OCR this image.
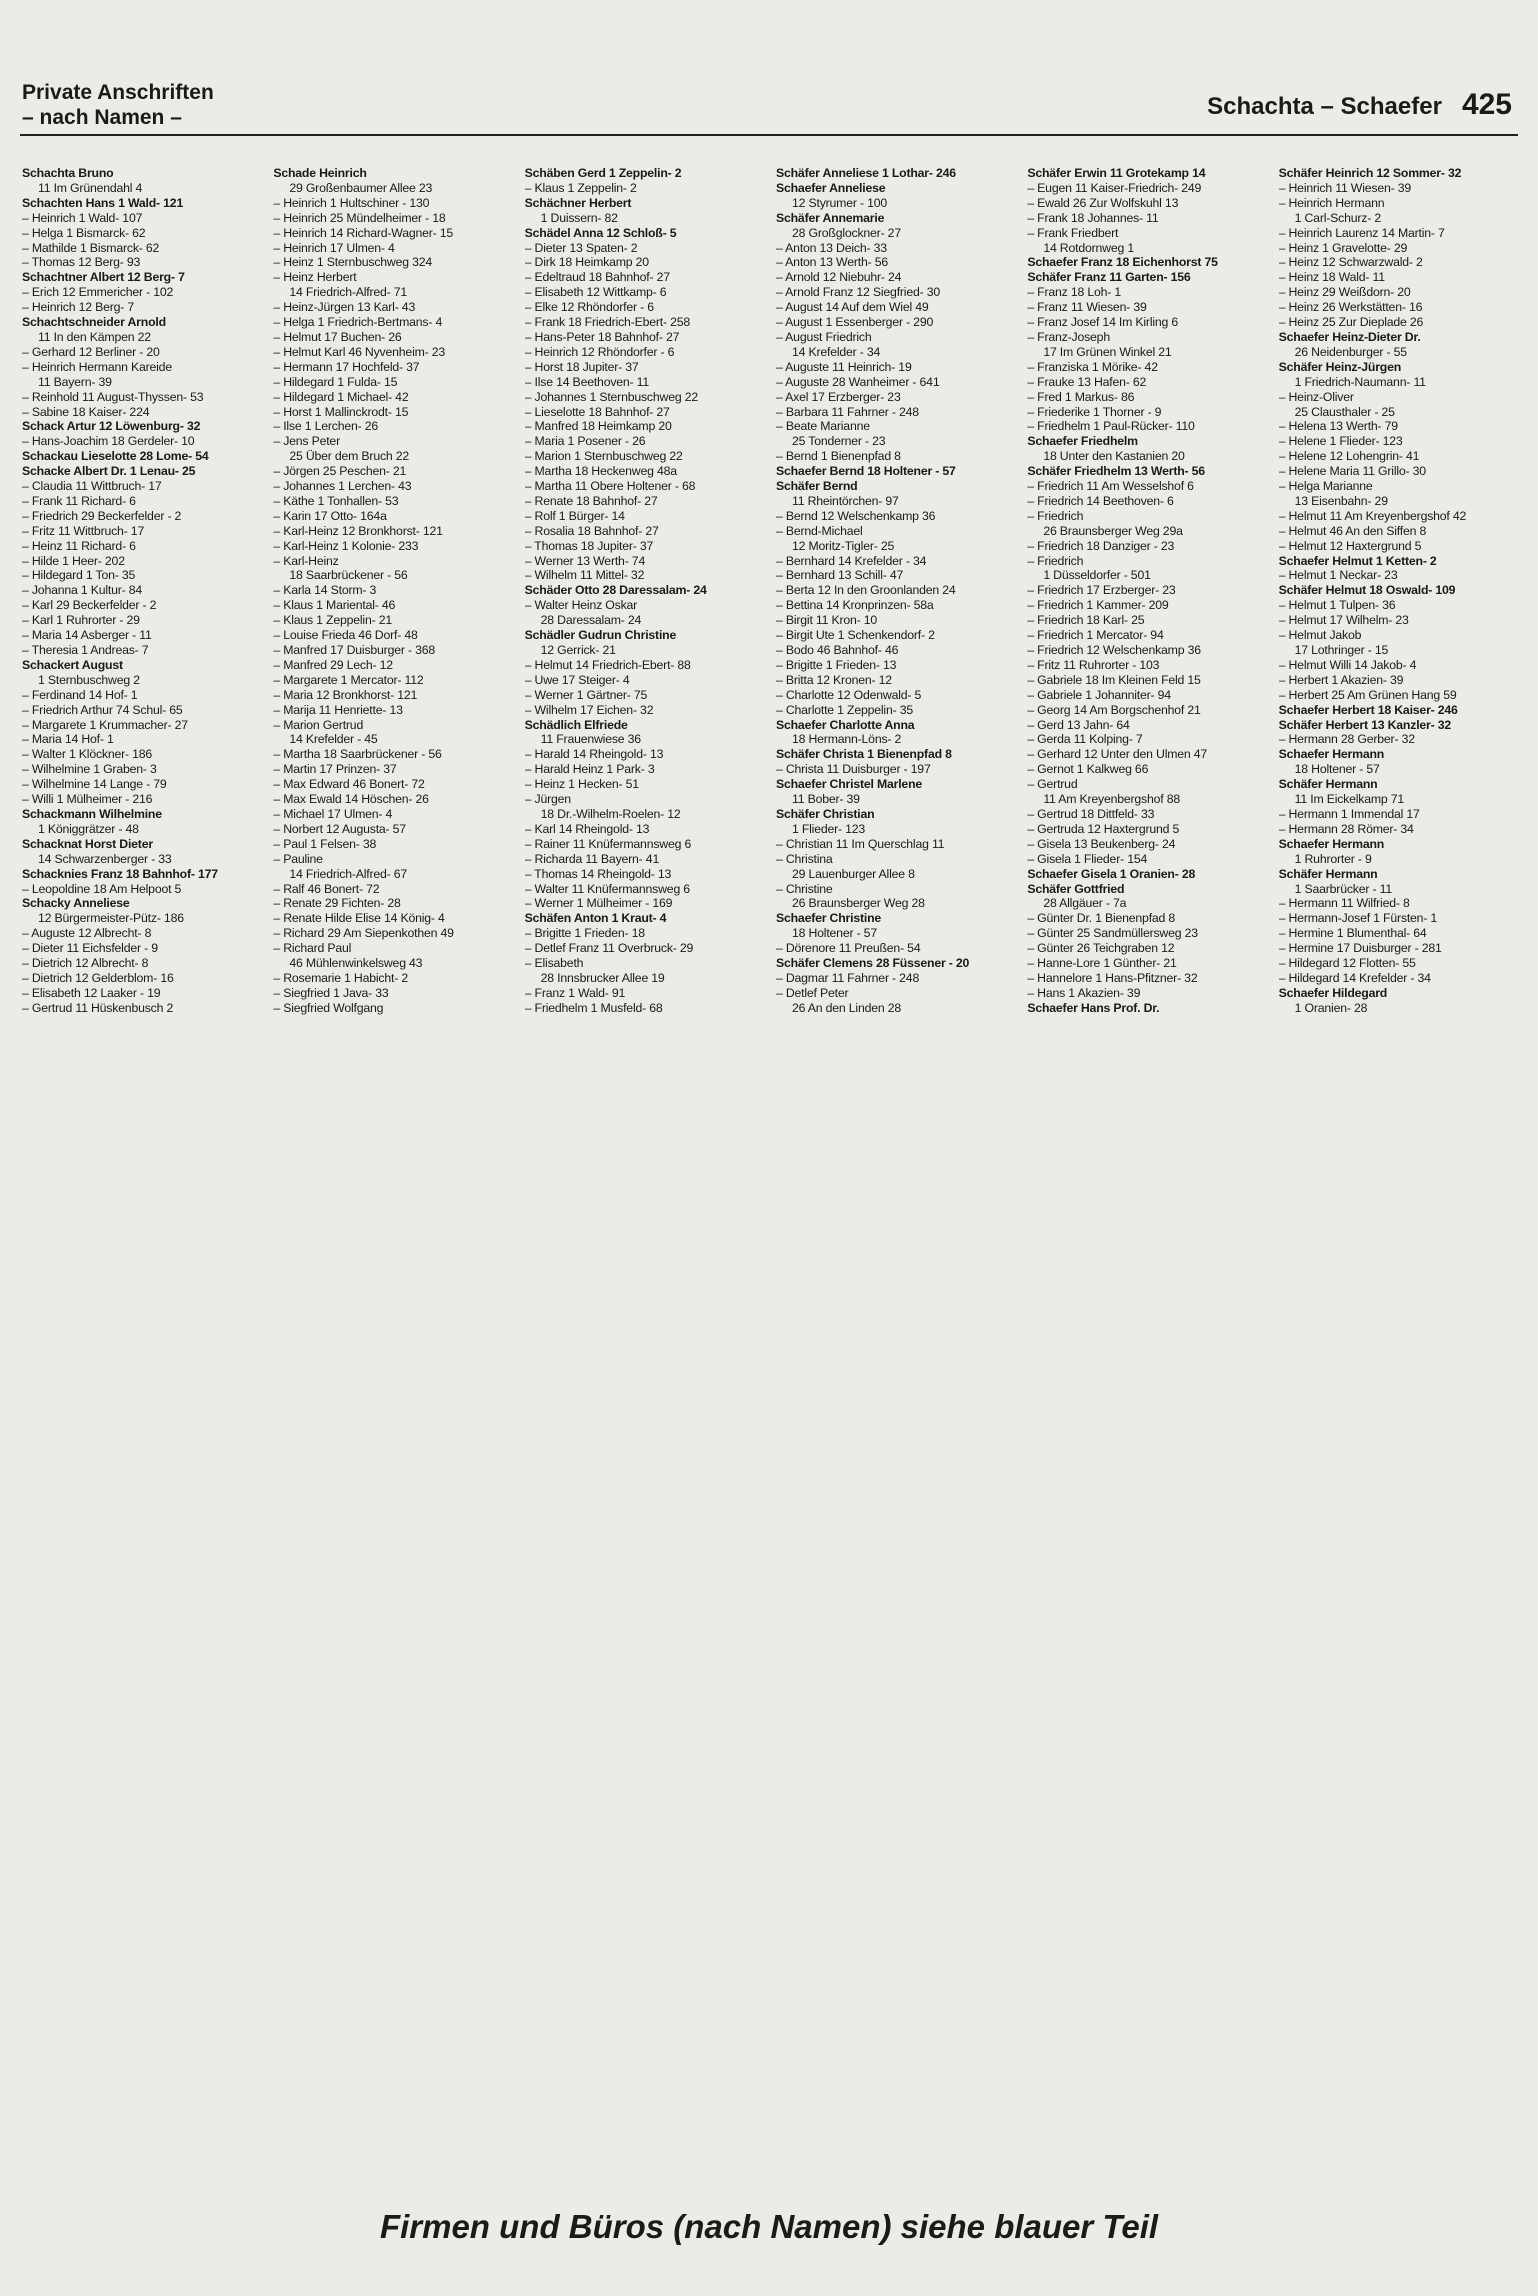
Private Anschriften
– nach Namen –	Schachta – Schaefer 425
Schachta Bruno
11 Im Grünendahl 4
Schachten Hans 1 Wald- 121
– Heinrich 1 Wald- 107
– Helga 1 Bismarck- 62
– Mathilde 1 Bismarck- 62
– Thomas 12 Berg- 93
Schachtner Albert 12 Berg- 7
– Erich 12 Emmericher - 102
– Heinrich 12 Berg- 7
Schachtschneider Arnold
11 In den Kämpen 22
– Gerhard 12 Berliner - 20
– Heinrich Hermann Kareide
11 Bayern- 39
– Reinhold 11 August-Thyssen- 53
– Sabine 18 Kaiser- 224
Schack Artur 12 Löwenburg- 32
– Hans-Joachim 18 Gerdeler- 10
Schackau Lieselotte 28 Lome- 54
Schacke Albert Dr. 1 Lenau- 25
– Claudia 11 Wittbruch- 17
– Frank 11 Richard- 6
– Friedrich 29 Beckerfelder - 2
– Fritz 11 Wittbruch- 17
– Heinz 11 Richard- 6
– Hilde 1 Heer- 202
– Hildegard 1 Ton- 35
– Johanna 1 Kultur- 84
– Karl 29 Beckerfelder - 2
– Karl 1 Ruhrorter - 29
– Maria 14 Asberger - 11
– Theresia 1 Andreas- 7
Schackert August
1 Sternbuschweg 2
– Ferdinand 14 Hof- 1
– Friedrich Arthur 74 Schul- 65
– Margarete 1 Krummacher- 27
– Maria 14 Hof- 1
– Walter 1 Klöckner- 186
– Wilhelmine 1 Graben- 3
– Wilhelmine 14 Lange - 79
– Willi 1 Mülheimer - 216
Schackmann Wilhelmine
1 Königgrätzer - 48
Schacknat Horst Dieter
14 Schwarzenberger - 33
Schacknies Franz 18 Bahnhof- 177
– Leopoldine 18 Am Helpoot 5
Schacky Anneliese
12 Bürgermeister-Pütz- 186
– Auguste 12 Albrecht- 8
– Dieter 11 Eichsfelder - 9
– Dietrich 12 Albrecht- 8
– Dietrich 12 Gelderblom- 16
– Elisabeth 12 Laaker - 19
– Gertrud 11 Hüskenbusch 2
Schade Heinrich
29 Großenbaumer Allee 23
– Heinrich 1 Hultschiner - 130
– Heinrich 25 Mündelheimer - 18
– Heinrich 14 Richard-Wagner- 15
– Heinrich 17 Ulmen- 4
– Heinz 1 Sternbuschweg 324
– Heinz Herbert
14 Friedrich-Alfred- 71
– Heinz-Jürgen 13 Karl- 43
– Helga 1 Friedrich-Bertmans- 4
– Helmut 17 Buchen- 26
– Helmut Karl 46 Nyvenheim- 23
– Hermann 17 Hochfeld- 37
– Hildegard 1 Fulda- 15
– Hildegard 1 Michael- 42
– Horst 1 Mallinckrodt- 15
– Ilse 1 Lerchen- 26
– Jens Peter
25 Über dem Bruch 22
– Jörgen 25 Peschen- 21
– Johannes 1 Lerchen- 43
– Käthe 1 Tonhallen- 53
– Karin 17 Otto- 164a
– Karl-Heinz 12 Bronkhorst- 121
– Karl-Heinz 1 Kolonie- 233
– Karl-Heinz
18 Saarbrückener - 56
– Karla 14 Storm- 3
– Klaus 1 Mariental- 46
– Klaus 1 Zeppelin- 21
– Louise Frieda 46 Dorf- 48
– Manfred 17 Duisburger - 368
– Manfred 29 Lech- 12
– Margarete 1 Mercator- 112
– Maria 12 Bronkhorst- 121
– Marija 11 Henriette- 13
– Marion Gertrud
14 Krefelder - 45
– Martha 18 Saarbrückener - 56
– Martin 17 Prinzen- 37
– Max Edward 46 Bonert- 72
– Max Ewald 14 Höschen- 26
– Michael 17 Ulmen- 4
– Norbert 12 Augusta- 57
– Paul 1 Felsen- 38
– Pauline
14 Friedrich-Alfred- 67
– Ralf 46 Bonert- 72
– Renate 29 Fichten- 28
– Renate Hilde Elise 14 König- 4
– Richard 29 Am Siepenkothen 49
– Richard Paul
46 Mühlenwinkelsweg 43
– Rosemarie 1 Habicht- 2
– Siegfried 1 Java- 33
– Siegfried Wolfgang
Schäben Gerd 1 Zeppelin- 2
– Klaus 1 Zeppelin- 2
Schächner Herbert
1 Duissern- 82
Schädel Anna 12 Schloß- 5
– Dieter 13 Spaten- 2
– Dirk 18 Heimkamp 20
– Edeltraud 18 Bahnhof- 27
– Elisabeth 12 Wittkamp- 6
– Elke 12 Rhöndorfer - 6
– Frank 18 Friedrich-Ebert- 258
– Hans-Peter 18 Bahnhof- 27
– Heinrich 12 Rhöndorfer - 6
– Horst 18 Jupiter- 37
– Ilse 14 Beethoven- 11
– Johannes 1 Sternbuschweg 22
– Lieselotte 18 Bahnhof- 27
– Manfred 18 Heimkamp 20
– Maria 1 Posener - 26
– Marion 1 Sternbuschweg 22
– Martha 18 Heckenweg 48a
– Martha 11 Obere Holtener - 68
– Renate 18 Bahnhof- 27
– Rolf 1 Bürger- 14
– Rosalia 18 Bahnhof- 27
– Thomas 18 Jupiter- 37
– Werner 13 Werth- 74
– Wilhelm 11 Mittel- 32
Schäder Otto 28 Daressalam- 24
– Walter Heinz Oskar
28 Daressalam- 24
Schädler Gudrun Christine
12 Gerrick- 21
– Helmut 14 Friedrich-Ebert- 88
– Uwe 17 Steiger- 4
– Werner 1 Gärtner- 75
– Wilhelm 17 Eichen- 32
Schädlich Elfriede
11 Frauenwiese 36
– Harald 14 Rheingold- 13
– Harald Heinz 1 Park- 3
– Heinz 1 Hecken- 51
– Jürgen
18 Dr.-Wilhelm-Roelen- 12
– Karl 14 Rheingold- 13
– Rainer 11 Knüfermannsweg 6
– Richarda 11 Bayern- 41
– Thomas 14 Rheingold- 13
– Walter 11 Knüfermannsweg 6
– Werner 1 Mülheimer - 169
Schäfen Anton 1 Kraut- 4
– Brigitte 1 Frieden- 18
– Detlef Franz 11 Overbruck- 29
– Elisabeth
28 Innsbrucker Allee 19
– Franz 1 Wald- 91
– Friedhelm 1 Musfeld- 68
Schäfer Anneliese 1 Lothar- 246
Schaefer Anneliese
12 Styrumer - 100
Schäfer Annemarie
28 Großglockner- 27
– Anton 13 Deich- 33
– Anton 13 Werth- 56
– Arnold 12 Niebuhr- 24
– Arnold Franz 12 Siegfried- 30
– August 14 Auf dem Wiel 49
– August 1 Essenberger - 290
– August Friedrich
14 Krefelder - 34
– Auguste 11 Heinrich- 19
– Auguste 28 Wanheimer - 641
– Axel 17 Erzberger- 23
– Barbara 11 Fahrner - 248
– Beate Marianne
25 Tonderner - 23
– Bernd 1 Bienenpfad 8
Schaefer Bernd 18 Holtener - 57
Schäfer Bernd
11 Rheintörchen- 97
– Bernd 12 Welschenkamp 36
– Bernd-Michael
12 Moritz-Tigler- 25
– Bernhard 14 Krefelder - 34
– Bernhard 13 Schill- 47
– Berta 12 In den Groonlanden 24
– Bettina 14 Kronprinzen- 58a
– Birgit 11 Kron- 10
– Birgit Ute 1 Schenkendorf- 2
– Bodo 46 Bahnhof- 46
– Brigitte 1 Frieden- 13
– Britta 12 Kronen- 12
– Charlotte 12 Odenwald- 5
– Charlotte 1 Zeppelin- 35
Schaefer Charlotte Anna
18 Hermann-Löns- 2
Schäfer Christa 1 Bienenpfad 8
– Christa 11 Duisburger - 197
Schaefer Christel Marlene
11 Bober- 39
Schäfer Christian
1 Flieder- 123
– Christian 11 Im Querschlag 11
– Christina
29 Lauenburger Allee 8
– Christine
26 Braunsberger Weg 28
Schaefer Christine
18 Holtener - 57
– Dörenore 11 Preußen- 54
Schäfer Clemens 28 Füssener - 20
– Dagmar 11 Fahrner - 248
– Detlef Peter
26 An den Linden 28
Schäfer Erwin 11 Grotekamp 14
– Eugen 11 Kaiser-Friedrich- 249
– Ewald 26 Zur Wolfskuhl 13
– Frank 18 Johannes- 11
– Frank Friedbert
14 Rotdornweg 1
Schaefer Franz 18 Eichenhorst 75
Schäfer Franz 11 Garten- 156
– Franz 18 Loh- 1
– Franz 11 Wiesen- 39
– Franz Josef 14 Im Kirling 6
– Franz-Joseph
17 Im Grünen Winkel 21
– Franziska 1 Mörike- 42
– Frauke 13 Hafen- 62
– Fred 1 Markus- 86
– Friederike 1 Thorner - 9
– Friedhelm 1 Paul-Rücker- 110
Schaefer Friedhelm
18 Unter den Kastanien 20
Schäfer Friedhelm 13 Werth- 56
– Friedrich 11 Am Wesselshof 6
– Friedrich 14 Beethoven- 6
– Friedrich
26 Braunsberger Weg 29a
– Friedrich 18 Danziger - 23
– Friedrich
1 Düsseldorfer - 501
– Friedrich 17 Erzberger- 23
– Friedrich 1 Kammer- 209
– Friedrich 18 Karl- 25
– Friedrich 1 Mercator- 94
– Friedrich 12 Welschenkamp 36
– Fritz 11 Ruhrorter - 103
– Gabriele 18 Im Kleinen Feld 15
– Gabriele 1 Johanniter- 94
– Georg 14 Am Borgschenhof 21
– Gerd 13 Jahn- 64
– Gerda 11 Kolping- 7
– Gerhard 12 Unter den Ulmen 47
– Gernot 1 Kalkweg 66
– Gertrud
11 Am Kreyenbergshof 88
– Gertrud 18 Dittfeld- 33
– Gertruda 12 Haxtergrund 5
– Gisela 13 Beukenberg- 24
– Gisela 1 Flieder- 154
Schaefer Gisela 1 Oranien- 28
Schäfer Gottfried
28 Allgäuer - 7a
– Günter Dr. 1 Bienenpfad 8
– Günter 25 Sandmüllersweg 23
– Günter 26 Teichgraben 12
– Hanne-Lore 1 Günther- 21
– Hannelore 1 Hans-Pfitzner- 32
– Hans 1 Akazien- 39
Schaefer Hans Prof. Dr.
Schäfer Heinrich 12 Sommer- 32
– Heinrich 11 Wiesen- 39
– Heinrich Hermann
1 Carl-Schurz- 2
– Heinrich Laurenz 14 Martin- 7
– Heinz 1 Gravelotte- 29
– Heinz 12 Schwarzwald- 2
– Heinz 18 Wald- 11
– Heinz 29 Weißdorn- 20
– Heinz 26 Werkstätten- 16
– Heinz 25 Zur Dieplade 26
Schaefer Heinz-Dieter Dr.
26 Neidenburger - 55
Schäfer Heinz-Jürgen
1 Friedrich-Naumann- 11
– Heinz-Oliver
25 Clausthaler - 25
– Helena 13 Werth- 79
– Helene 1 Flieder- 123
– Helene 12 Lohengrin- 41
– Helene Maria 11 Grillo- 30
– Helga Marianne
13 Eisenbahn- 29
– Helmut 11 Am Kreyenbergshof 42
– Helmut 46 An den Siffen 8
– Helmut 12 Haxtergrund 5
Schaefer Helmut 1 Ketten- 2
– Helmut 1 Neckar- 23
Schäfer Helmut 18 Oswald- 109
– Helmut 1 Tulpen- 36
– Helmut 17 Wilhelm- 23
– Helmut Jakob
17 Lothringer - 15
– Helmut Willi 14 Jakob- 4
– Herbert 1 Akazien- 39
– Herbert 25 Am Grünen Hang 59
Schaefer Herbert 18 Kaiser- 246
Schäfer Herbert 13 Kanzler- 32
– Hermann 28 Gerber- 32
Schaefer Hermann
18 Holtener - 57
Schäfer Hermann
11 Im Eickelkamp 71
– Hermann 1 Immendal 17
– Hermann 28 Römer- 34
Schaefer Hermann
1 Ruhrorter - 9
Schäfer Hermann
1 Saarbrücker - 11
– Hermann 11 Wilfried- 8
– Hermann-Josef 1 Fürsten- 1
– Hermine 1 Blumenthal- 64
– Hermine 17 Duisburger - 281
– Hildegard 12 Flotten- 55
– Hildegard 14 Krefelder - 34
Schaefer Hildegard
1 Oranien- 28
Firmen und Büros (nach Namen) siehe blauer Teil
